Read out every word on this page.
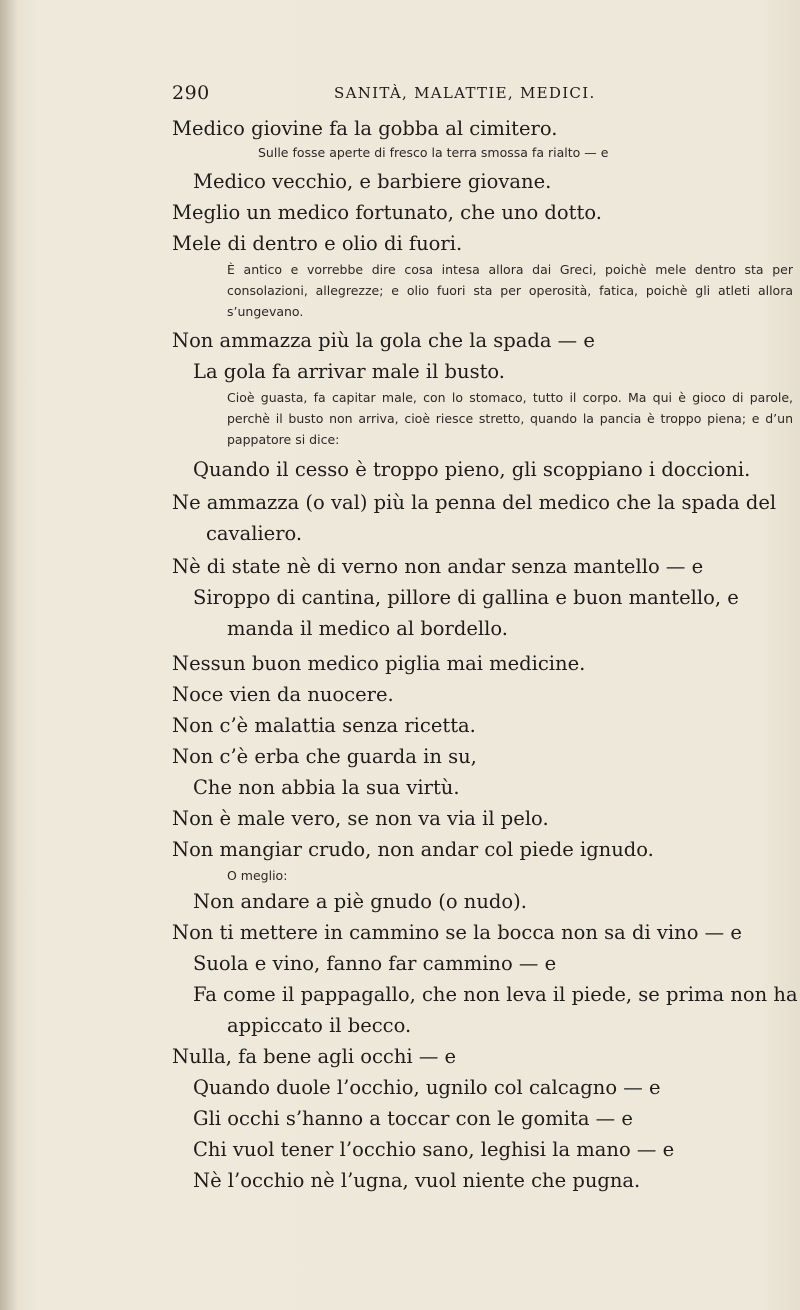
290	SANITÀ, MALATTIE, MEDICI.
Medico giovine fa la gobba al cimitero.
Sulle fosse aperte di fresco la terra smossa fa rialto — e
Medico vecchio, e barbiere giovane.
Meglio un medico fortunato, che uno dotto.
Mele di dentro e olio di fuori.
È antico e vorrebbe dire cosa intesa allora dai Greci, poichè mele dentro sta per consolazioni, allegrezze; e olio fuori sta per operosità, fatica, poichè gli atleti allora s’ungevano.
Non ammazza più la gola che la spada — e
La gola fa arrivar male il busto.
Cioè guasta, fa capitar male, con lo stomaco, tutto il corpo. Ma qui è gioco di parole, perchè il busto non arriva, cioè riesce stretto, quando la pancia è troppo piena; e d’un pappatore si dice:
Quando il cesso è troppo pieno, gli scoppiano i doccioni.
Ne ammazza (o val) più la penna del medico che la spada del cavaliero.
Nè di state nè di verno non andar senza mantello — e
Siroppo di cantina, pillore di gallina e buon mantello, e manda il medico al bordello.
Nessun buon medico piglia mai medicine.
Noce vien da nuocere.
Non c’è malattia senza ricetta.
Non c’è erba che guarda in su,
Che non abbia la sua virtù.
Non è male vero, se non va via il pelo.
Non mangiar crudo, non andar col piede ignudo.
O meglio:
Non andare a piè gnudo (o nudo).
Non ti mettere in cammino se la bocca non sa di vino — e
Suola e vino, fanno far cammino — e
Fa come il pappagallo, che non leva il piede, se prima non ha appiccato il becco.
Nulla, fa bene agli occhi — e
Quando duole l’occhio, ugnilo col calcagno — e
Gli occhi s’hanno a toccar con le gomita — e
Chi vuol tener l’occhio sano, leghisi la mano — e
Nè l’occhio nè l’ugna, vuol niente che pugna.
